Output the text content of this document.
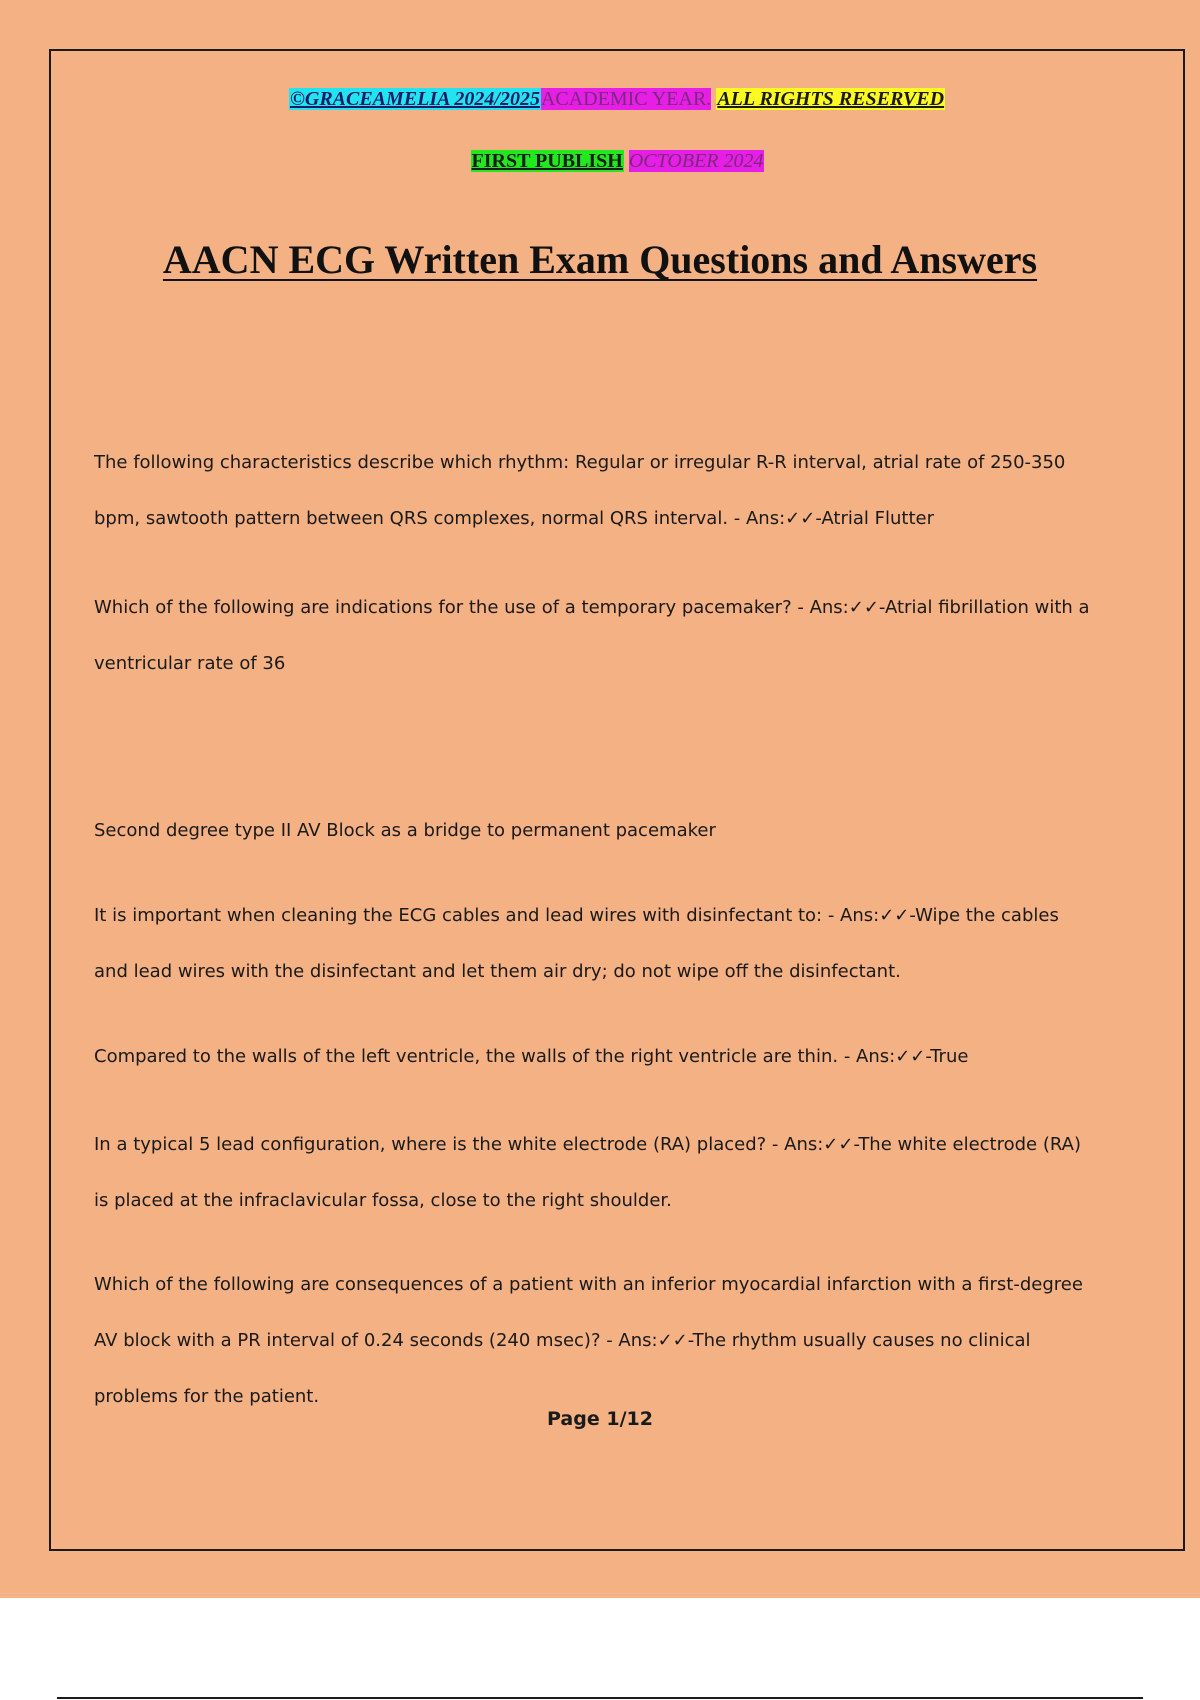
©GRACEAMELIA 2024/2025ACADEMIC YEAR. ALL RIGHTS RESERVED
FIRST PUBLISH OCTOBER 2024
AACN ECG Written Exam Questions and Answers

The following characteristics describe which rhythm: Regular or irregular R-R interval, atrial rate of 250-350 bpm, sawtooth pattern between QRS complexes, normal QRS interval. - Ans:✓✓-Atrial Flutter

Which of the following are indications for the use of a temporary pacemaker? - Ans:✓✓-Atrial fibrillation with a ventricular rate of 36

Second degree type II AV Block as a bridge to permanent pacemaker

It is important when cleaning the ECG cables and lead wires with disinfectant to: - Ans:✓✓-Wipe the cables and lead wires with the disinfectant and let them air dry; do not wipe off the disinfectant.

Compared to the walls of the left ventricle, the walls of the right ventricle are thin. - Ans:✓✓-True

In a typical 5 lead configuration, where is the white electrode (RA) placed? - Ans:✓✓-The white electrode (RA) is placed at the infraclavicular fossa, close to the right shoulder.

Which of the following are consequences of a patient with an inferior myocardial infarction with a first-degree AV block with a PR interval of 0.24 seconds (240 msec)? - Ans:✓✓-The rhythm usually causes no clinical problems for the patient.

Page 1/12
